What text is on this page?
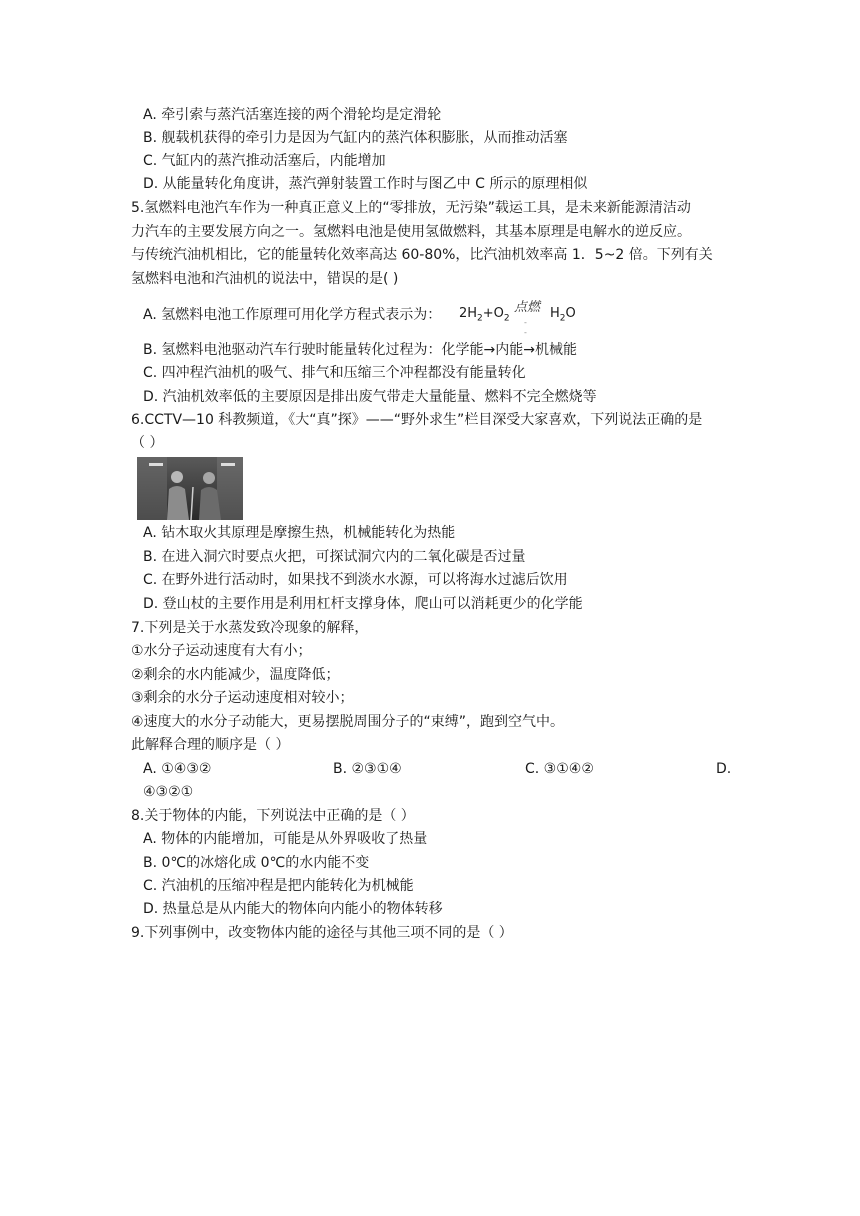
A. 牵引索与蒸汽活塞连接的两个滑轮均是定滑轮
B. 舰载机获得的牵引力是因为气缸内的蒸汽体积膨胀，从而推动活塞
C. 气缸内的蒸汽推动活塞后，内能增加
D. 从能量转化角度讲，蒸汽弹射装置工作时与图乙中 C 所示的原理相似
5.氢燃料电池汽车作为一种真正意义上的“零排放，无污染”载运工具，是未来新能源清洁动
力汽车的主要发展方向之一。氢燃料电池是使用氢做燃料，其基本原理是电解水的逆反应。
与传统汽油机相比，它的能量转化效率高达 60-80%，比汽油机效率高 1．5~2 倍。下列有关
氢燃料电池和汽油机的说法中，错误的是( )
A. 氢燃料电池工作原理可用化学方程式表示为： $2H_2+O_2$
点燃
-
-
$H_2O$
B. 氢燃料电池驱动汽车行驶时能量转化过程为：化学能→内能→机械能
C. 四冲程汽油机的吸气、排气和压缩三个冲程都没有能量转化
D. 汽油机效率低的主要原因是排出废气带走大量能量、燃料不完全燃烧等
6.CCTV—10 科教频道，《大“真”探》——“野外求生”栏目深受大家喜欢，下列说法正确的是
（ ）
A. 钻木取火其原理是摩擦生热，机械能转化为热能
B. 在进入洞穴时要点火把，可探试洞穴内的二氧化碳是否过量
C. 在野外进行活动时，如果找不到淡水水源，可以将海水过滤后饮用
D. 登山杖的主要作用是利用杠杆支撑身体，爬山可以消耗更少的化学能
7.下列是关于水蒸发致冷现象的解释，
①水分子运动速度有大有小；
②剩余的水内能减少，温度降低；
③剩余的水分子运动速度相对较小；
④速度大的水分子动能大，更易摆脱周围分子的“束缚”，跑到空气中。
此解释合理的顺序是（ ）
A. ①④③②	B. ②③①④	C. ③①④②	D.
④③②①
8.关于物体的内能，下列说法中正确的是（ ）
A. 物体的内能增加，可能是从外界吸收了热量
B. 0℃的冰熔化成 0℃的水内能不变
C. 汽油机的压缩冲程是把内能转化为机械能
D. 热量总是从内能大的物体向内能小的物体转移
9.下列事例中，改变物体内能的途径与其他三项不同的是（ ）
